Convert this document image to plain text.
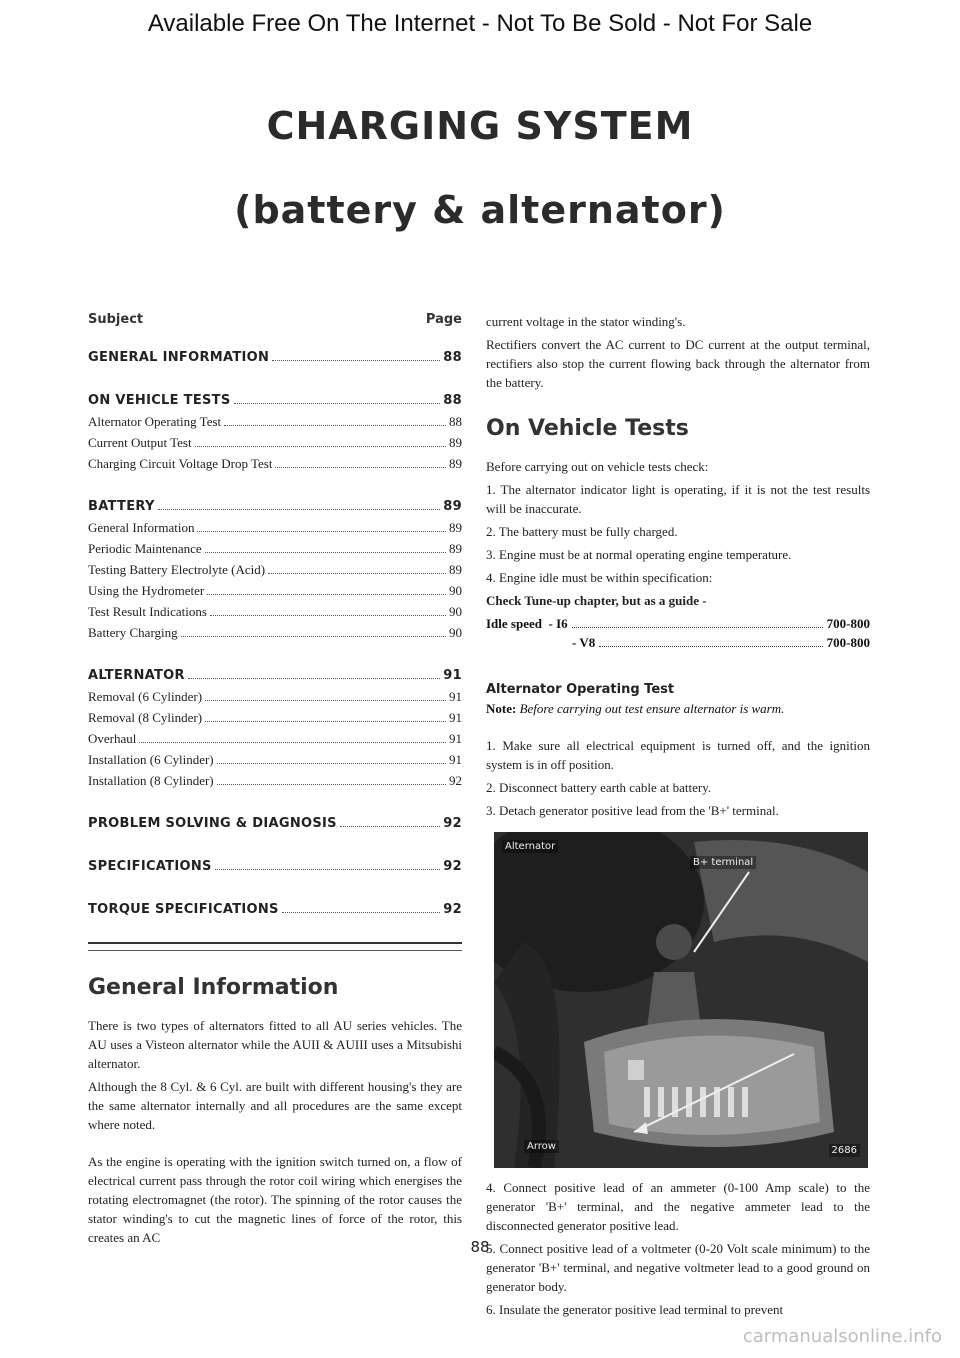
Available Free On The Internet - Not To Be Sold - Not For Sale
CHARGING SYSTEM
(battery & alternator)
Subject	Page
GENERAL INFORMATION	88
ON VEHICLE TESTS	88
Alternator Operating Test	88
Current Output Test	89
Charging Circuit Voltage Drop Test	89
BATTERY	89
General Information	89
Periodic Maintenance	89
Testing Battery Electrolyte (Acid)	89
Using the Hydrometer	90
Test Result Indications	90
Battery Charging	90
ALTERNATOR	91
Removal (6 Cylinder)	91
Removal (8 Cylinder)	91
Overhaul	91
Installation (6 Cylinder)	91
Installation (8 Cylinder)	92
PROBLEM SOLVING & DIAGNOSIS	92
SPECIFICATIONS	92
TORQUE SPECIFICATIONS	92
General Information

There is two types of alternators fitted to all AU series vehicles. The AU uses a Visteon alternator while the AUII & AUIII uses a Mitsubishi alternator.

Although the 8 Cyl. & 6 Cyl. are built with different housing's they are the same alternator internally and all procedures are the same except where noted.

As the engine is operating with the ignition switch turned on, a flow of electrical current pass through the rotor coil wiring which energises the rotating electromagnet (the rotor). The spinning of the rotor causes the stator winding's to cut the magnetic lines of force of the rotor, this creates an AC

current voltage in the stator winding's.

Rectifiers convert the AC current to DC current at the output terminal, rectifiers also stop the current flowing back through the alternator from the battery.

On Vehicle Tests

Before carrying out on vehicle tests check:

1. The alternator indicator light is operating, if it is not the test results will be inaccurate.

2. The battery must be fully charged.

3. Engine must be at normal operating engine temperature.

4. Engine idle must be within specification:

Check Tune-up chapter, but as a guide -

Idle speed
- I6	700-800
- V8	700-800
Alternator Operating Test
Note: Before carrying out test ensure alternator is warm.

1. Make sure all electrical equipment is turned off, and the ignition system is in off position.

2. Disconnect battery earth cable at battery.

3. Detach generator positive lead from the 'B+' terminal.

Alternator
B+ terminal
Arrow	2686

4. Connect positive lead of an ammeter (0-100 Amp scale) to the generator 'B+' terminal, and the negative ammeter lead to the disconnected generator positive lead.

5. Connect positive lead of a voltmeter (0-20 Volt scale minimum) to the generator 'B+' terminal, and negative voltmeter lead to a good ground on generator body.

6. Insulate the generator positive lead terminal to prevent

88
carmanualsonline.info
